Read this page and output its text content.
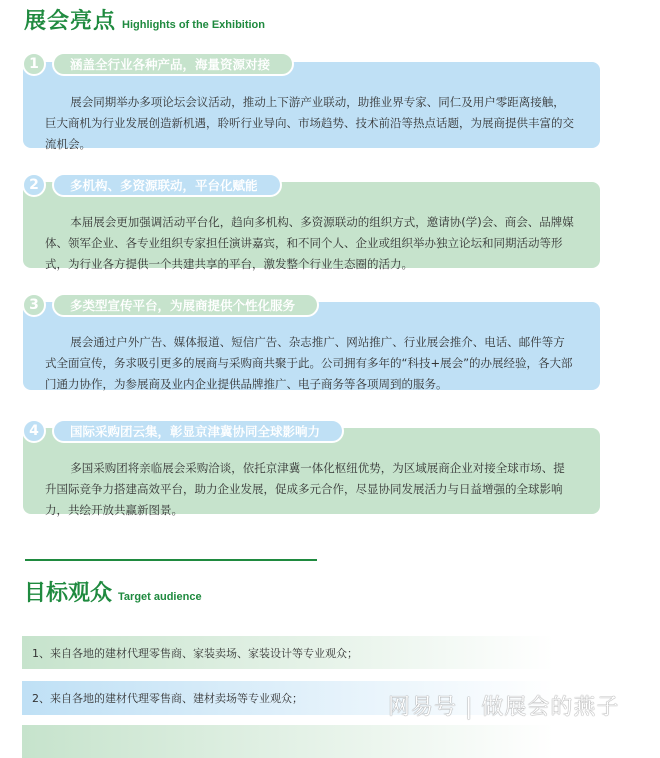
展会亮点 Highlights of the Exhibition

展会同期举办多项论坛会议活动，推动上下游产业联动，助推业界专家、同仁及用户零距离接触，巨大商机为行业发展创造新机遇，聆听行业导向、市场趋势、技术前沿等热点话题，为展商提供丰富的交流机会。

1	涵盖全行业各种产品，海量资源对接

本届展会更加强调活动平台化，趋向多机构、多资源联动的组织方式，邀请协(学)会、商会、品牌媒体、领军企业、各专业组织专家担任演讲嘉宾，和不同个人、企业或组织举办独立论坛和同期活动等形式，为行业各方提供一个共建共享的平台，激发整个行业生态圈的活力。

2	多机构、多资源联动，平台化赋能

展会通过户外广告、媒体报道、短信广告、杂志推广、网站推广、行业展会推介、电话、邮件等方式全面宣传，务求吸引更多的展商与采购商共聚于此。公司拥有多年的“科技+展会”的办展经验，各大部门通力协作，为参展商及业内企业提供品牌推广、电子商务等各项周到的服务。

3	多类型宣传平台，为展商提供个性化服务

多国采购团将亲临展会采购洽谈，依托京津冀一体化枢纽优势，为区域展商企业对接全球市场、提升国际竞争力搭建高效平台，助力企业发展，促成多元合作，尽显协同发展活力与日益增强的全球影响力，共绘开放共赢新图景。

4	国际采购团云集，彰显京津冀协同全球影响力
目标观众 Target audience
1、来自各地的建材代理零售商、家装卖场、家装设计等专业观众；
2、来自各地的建材代理零售商、建材卖场等专业观众；	网易号 | 做展会的燕子
